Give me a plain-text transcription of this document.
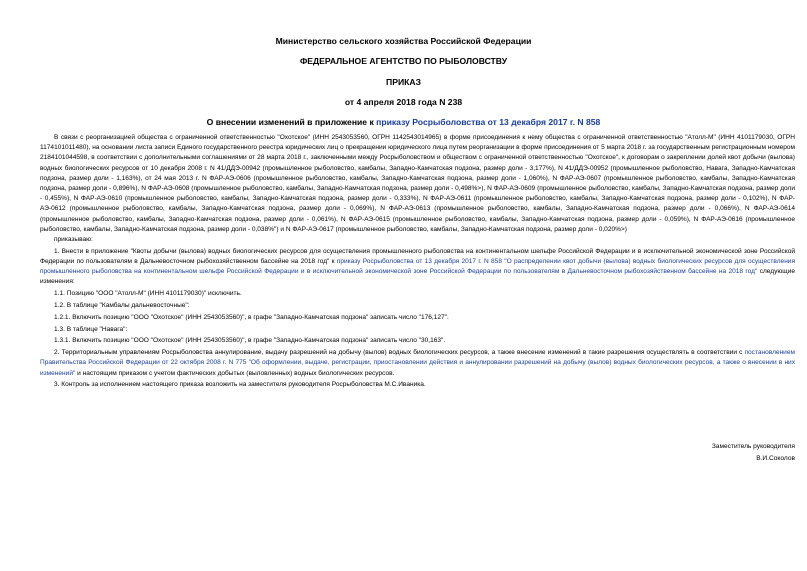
Министерство сельского хозяйства Российской Федерации

ФЕДЕРАЛЬНОЕ АГЕНТСТВО ПО РЫБОЛОВСТВУ

ПРИКАЗ

от 4 апреля 2018 года N 238

О внесении изменений в приложение к приказу Росрыболовства от 13 декабря 2017 г. N 858

В связи с реорганизацией общества с ограниченной ответственностью "Охотское" (ИНН 2543053560, ОГРН 1142543014965) в форме присоединения к нему общества с ограниченной ответственностью "Атолл-М" (ИНН 4101179030, ОГРН 1174101011480), на основании листа записи Единого государственного реестра юридических лиц о прекращении юридического лица путем реорганизации в форме присоединения от 5 марта 2018 г. за государственным регистрационным номером 2184101044598, в соответствии с дополнительными соглашениями от 28 марта 2018 г., заключенными между Росрыболовством и обществом с ограниченной ответственностью "Охотское", к договорам о закреплении долей квот добычи (вылова) водных биологических ресурсов от 10 декабря 2008 г. N 41/ДДЭ-00942 (промышленное рыболовство, камбалы, Западно-Камчатская подзона, размер доли - 3,177%), N 41/ДДЭ-00952 (промышленное рыболовство, Навага, Западно-Камчатская подзона, размер доли - 1,163%), от 24 мая 2013 г. N ФАР-АЭ-0606 (промышленное рыболовство, камбалы, Западно-Камчатская подзона, размер доли - 1,060%), N ФАР-АЭ-0607 (промышленное рыболовство, камбалы, Западно-Камчатская подзона, размер доли - 0,896%), N ФАР-АЭ-0608 (промышленное рыболовство, камбалы, Западно-Камчатская подзона, размер доли - 0,498%>), N ФАР-АЭ-0609 (промышленное рыболовство, камбалы, Западно-Камчатская подзона, размер доли - 0,455%), N ФАР-АЭ-0610 (промышленное рыболовство, камбалы, Западно-Камчатская подзона, размер доли - 0,333%), N ФАР-АЭ-0611 (промышленное рыболовство, камбалы, Западно-Камчатская подзона, размер доли - 0,102%), N ФАР-АЭ-0612 (промышленное рыболовство, камбалы, Западно-Камчатская подзона, размер доли - 0,069%), N ФАР-АЭ-0613 (промышленное рыболовство, камбалы, Западно-Камчатская подзона, размер доли - 0,066%), N ФАР-АЭ-0614 (промышленное рыболовство, камбалы, Западно-Камчатская подзона, размер доли - 0,061%), N ФАР-АЭ-0615 (промышленное рыболовство, камбалы, Западно-Камчатская подзона, размер доли - 0,059%), N ФАР-АЭ-0616 (промышленное рыболовство, камбалы, Западно-Камчатская подзона, размер доли - 0,038%") и N ФАР-АЭ-0617 (промышленное рыболовство, камбалы, Западно-Камчатская подзона, размер доли - 0,020%>)

приказываю:

1. Внести в приложение "Квоты добычи (вылова) водных биологических ресурсов для осуществления промышленного рыболовства на континентальном шельфе Российской Федерации и в исключительной экономической зоне Российской Федерации по пользователям в Дальневосточном рыбохозяйственном бассейне на 2018 год" к приказу Росрыболовства от 13 декабря 2017 г. N 858 "О распределении квот добычи (вылова) водных биологических ресурсов для осуществления промышленного рыболовства на континентальном шельфе Российской Федерации и в исключительной экономической зоне Российской Федерации по пользователям в Дальневосточном рыбохозяйственном бассейне на 2018 год" следующие изменения:

1.1. Позицию "ООО "Атолл-М" (ИНН 4101179030)" исключить.

1.2. В таблице "Камбалы дальневосточные":

1.2.1. Включить позицию "ООО "Охотское" (ИНН 2543053560)", в графе "Западно-Камчатская подзона" записать число "176,127".

1.3. В таблице "Навага":

1.3.1. Включить позицию "ООО "Охотское" (ИНН 2543053560)", в графе "Западно-Камчатская подзона" записать число "30,163".

2. Территориальным управлениям Росрыболовства аннулирование, выдачу разрешений на добычу (вылов) водных биологических ресурсов, а также внесение изменений в такие разрешения осуществлять в соответствии с постановлением Правительства Российской Федерации от 22 октября 2008 г. N 775 "Об оформлении, выдаче, регистрации, приостановлении действия и аннулировании разрешений на добычу (вылов) водных биологических ресурсов, а также о внесении в них изменений" и настоящим приказом с учетом фактических добытых (выловленных) водных биологических ресурсов.

3. Контроль за исполнением настоящего приказа возложить на заместителя руководителя Росрыболовства М.С.Иваника.

Заместитель руководителя
В.И.Соколов
